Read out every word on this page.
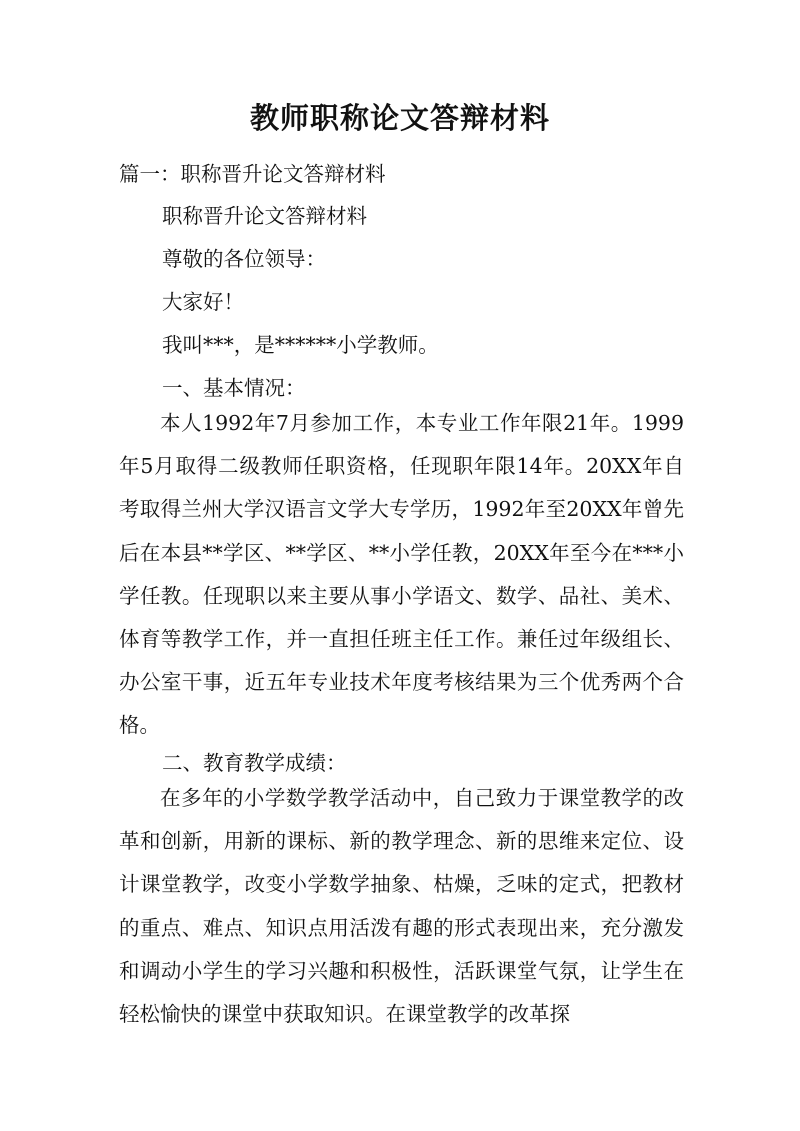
教师职称论文答辩材料
篇一：职称晋升论文答辩材料
职称晋升论文答辩材料
尊敬的各位领导：
大家好！
我叫***，是******小学教师。
一、基本情况：

本人1992年7月参加工作，本专业工作年限21年。1999年5月取得二级教师任职资格，任现职年限14年。20XX年自考取得兰州大学汉语言文学大专学历，1992年至20XX年曾先后在本县**学区、**学区、**小学任教，20XX年至今在***小学任教。任现职以来主要从事小学语文、数学、品社、美术、体育等教学工作，并一直担任班主任工作。兼任过年级组长、办公室干事，近五年专业技术年度考核结果为三个优秀两个合格。

二、教育教学成绩：

在多年的小学数学教学活动中，自己致力于课堂教学的改革和创新，用新的课标、新的教学理念、新的思维来定位、设计课堂教学，改变小学数学抽象、枯燥，乏味的定式，把教材的重点、难点、知识点用活泼有趣的形式表现出来，充分激发和调动小学生的学习兴趣和积极性，活跃课堂气氛，让学生在轻松愉快的课堂中获取知识。在课堂教学的改革探
